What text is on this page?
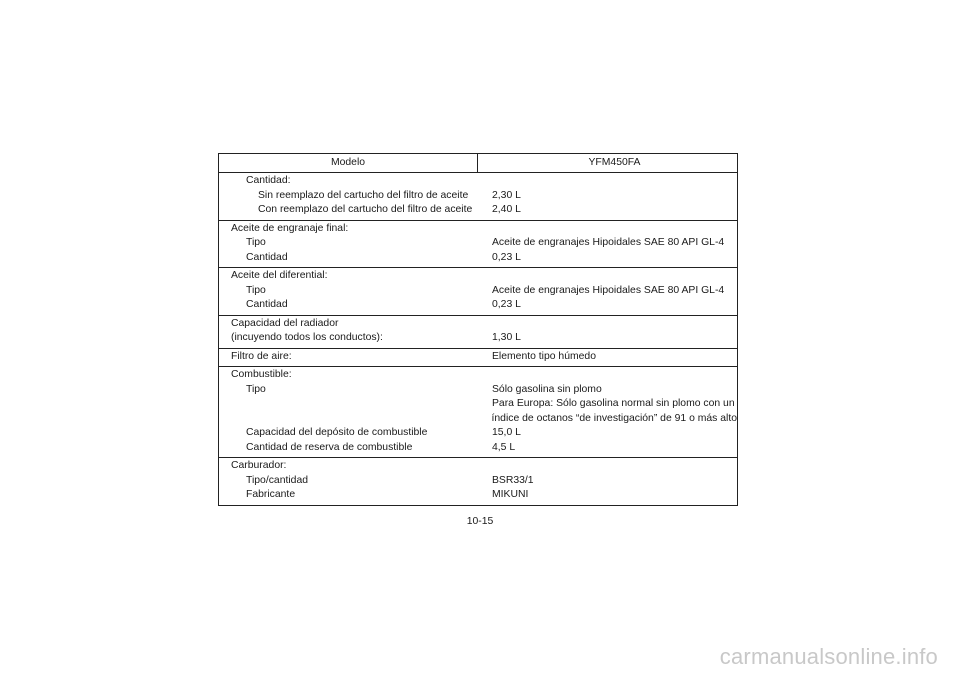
Modelo	YFM450FA
Cantidad:
Sin reemplazo del cartucho del filtro de aceite	2,30 L
Con reemplazo del cartucho del filtro de aceite	2,40 L
Aceite de engranaje final:
Tipo	Aceite de engranajes Hipoidales SAE 80 API GL-4
Cantidad	0,23 L
Aceite del diferential:
Tipo	Aceite de engranajes Hipoidales SAE 80 API GL-4
Cantidad	0,23 L
Capacidad del radiador
(incuyendo todos los conductos):	1,30 L
Filtro de aire:	Elemento tipo húmedo
Combustible:
Tipo	Sólo gasolina sin plomo
Para Europa: Sólo gasolina normal sin plomo con un
índice de octanos “de investigación” de 91 o más alto
Capacidad del depósito de combustible	15,0 L
Cantidad de reserva de combustible	4,5 L
Carburador:
Tipo/cantidad	BSR33/1
Fabricante	MIKUNI
10-15
carmanualsonline.info
